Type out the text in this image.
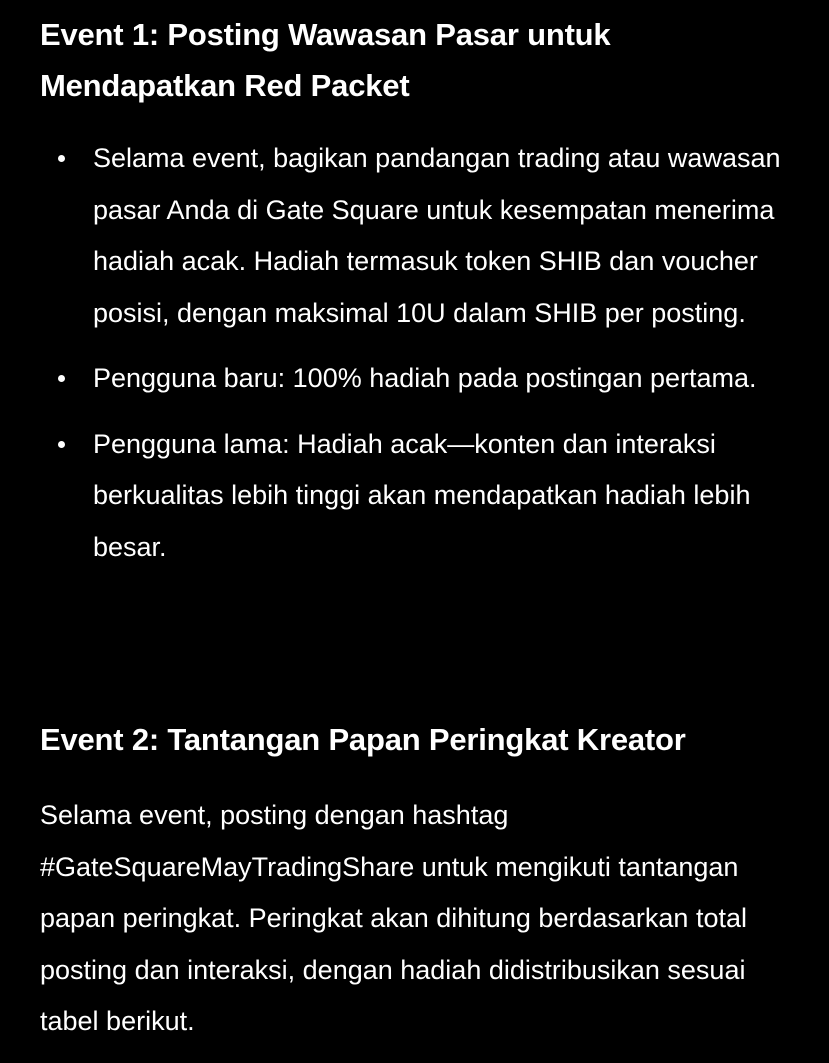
Event 1: Posting Wawasan Pasar untuk Mendapatkan Red Packet
Selama event, bagikan pandangan trading atau wawasan pasar Anda di Gate Square untuk kesempatan menerima hadiah acak. Hadiah termasuk token SHIB dan voucher posisi, dengan maksimal 10U dalam SHIB per posting.
Pengguna baru: 100% hadiah pada postingan pertama.
Pengguna lama: Hadiah acak—konten dan interaksi berkualitas lebih tinggi akan mendapatkan hadiah lebih besar.
Event 2: Tantangan Papan Peringkat Kreator

Selama event, posting dengan hashtag #GateSquareMayTradingShare untuk mengikuti tantangan papan peringkat. Peringkat akan dihitung berdasarkan total posting dan interaksi, dengan hadiah didistribusikan sesuai tabel berikut.
